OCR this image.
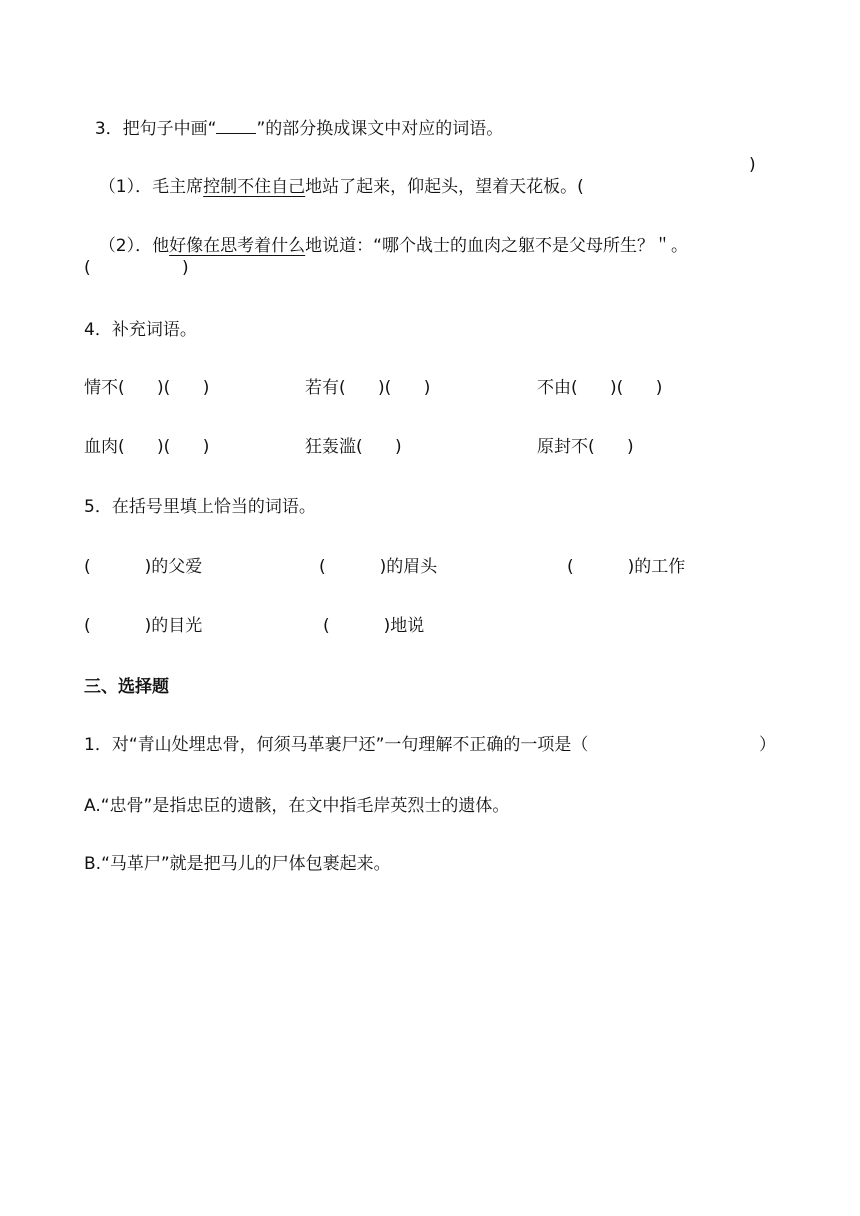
3．把句子中画“ ”的部分换成课文中对应的词语。

（1）．毛主席控制不住自己地站了起来，仰起头，望着天花板。(

)

（2）．他好像在思考着什么地说道：“哪个战士的血肉之躯不是父母所生？＂。

(	)
4．补充词语。
情不(      )(      )	若有(      )(      )	不由(      )(      )
血肉(      )(      )	狂轰滥(      )	原封不(      )
5．在括号里填上恰当的词语。
(          )的父爱	(          )的眉头	(          )的工作
(          )的目光	(          )地说
三、选择题
1．对“青山处埋忠骨，何须马革裹尸还”一句理解不正确的一项是（	）
A.“忠骨”是指忠臣的遗骸，在文中指毛岸英烈士的遗体。
B.“马革尸”就是把马儿的尸体包裹起来。
